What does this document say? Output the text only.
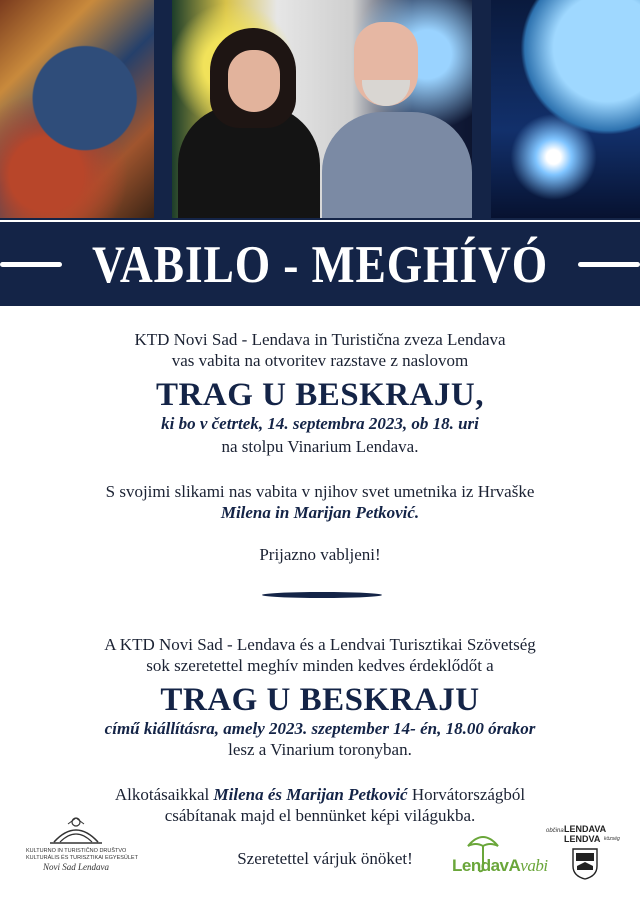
VABILO - MEGHÍVÓ
KTD Novi Sad - Lendava in Turistična zveza Lendava
vas vabita na otvoritev razstave z naslovom
TRAG U BESKRAJU,
ki bo v četrtek, 14. septembra 2023, ob 18. uri
na stolpu Vinarium Lendava.
S svojimi slikami nas vabita v njihov svet umetnika iz Hrvaške
Milena in Marijan Petković.
Prijazno vabljeni!
A KTD Novi Sad - Lendava és a Lendvai Turisztikai Szövetség
sok szeretettel meghív minden kedves érdeklődőt a
TRAG U BESKRAJU
című kiállításra, amely 2023. szeptember 14- én, 18.00 órakor
lesz a Vinarium toronyban.
Alkotásaikkal Milena és Marijan Petković Horvátországból
csábítanak majd el bennünket képi világukba.
KULTURNO IN TURISTIČNO DRUŠTVO
KULTURÁLIS ÉS TURISZTIKAI EGYESÜLET
Novi Sad Lendava	Szeretettel várjuk önöket!	LendavAvabi
občina LENDAVA
LENDVA község
